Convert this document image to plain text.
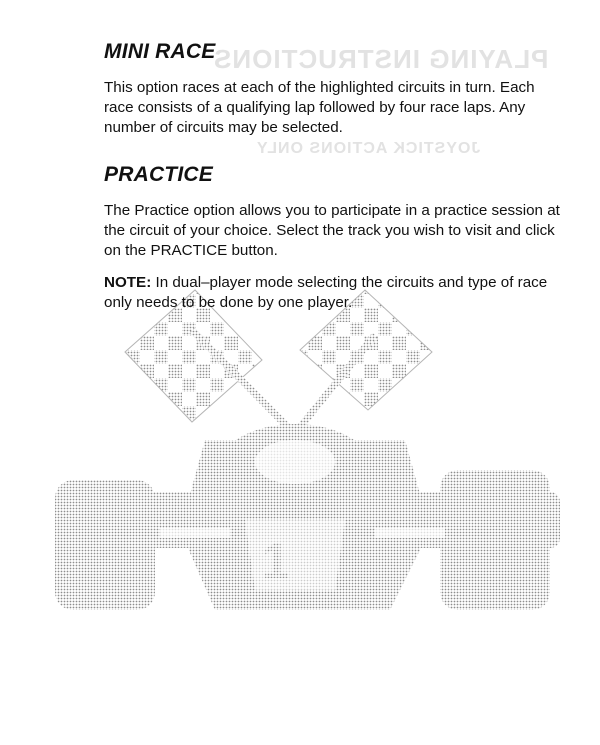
PLAYING INSTRUCTIONS
JOYSTICK ACTIONS ONLY
1
MINI RACE

This option races at each of the highlighted circuits in turn. Each race consists of a qualifying lap followed by four race laps. Any number of circuits may be selected.

PRACTICE

The Practice option allows you to participate in a practice session at the circuit of your choice. Select the track you wish to visit and click on the PRACTICE button.

NOTE: In dual–player mode selecting the circuits and type of race only needs to be done by one player.
